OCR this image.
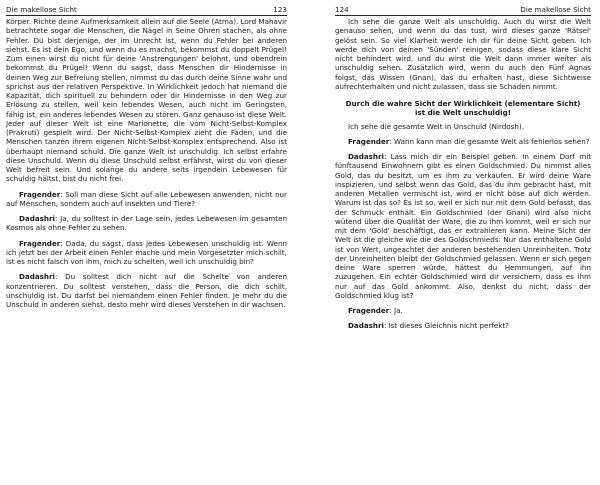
Die makellose Sicht	123

Körper. Richte deine Aufmerksamkeit allein auf die Seele (Atma). Lord Mahavir betrachtete sogar die Menschen, die Nägel in Seine Ohren stachen, als ohne Fehler. Du bist derjenige, der im Unrecht ist, wenn du Fehler bei anderen siehst. Es ist dein Ego, und wenn du es machst, bekommst du doppelt Prügel! Zum einen wirst du nicht für deine 'Anstrengungen' belohnt, und obendrein bekommst du Prügel! Wenn du sagst, dass Menschen dir Hindernisse in deinen Weg zur Befreiung stellen, nimmst du das durch deine Sinne wahr und sprichst aus der relativen Perspektive. In Wirklichkeit jedoch hat niemand die Kapazität, dich spirituell zu behindern oder dir Hindernisse in den Weg zur Erlösung zu stellen, weil kein lebendes Wesen, auch nicht im Geringsten, fähig ist, ein anderes lebendes Wesen zu stören. Ganz genauso ist diese Welt. Jeder auf dieser Welt ist eine Marionette, die vom Nicht-Selbst-Komplex (Prakruti) gespielt wird. Der Nicht-Selbst-Komplex zieht die Fäden, und die Menschen tanzen ihrem eigenen Nicht-Selbst-Komplex entsprechend. Also ist überhaupt niemand schuld. Die ganze Welt ist unschuldig. Ich selbst erfahre diese Unschuld. Wenn du diese Unschuld selbst erfährst, wirst du von dieser Welt befreit sein. Und solange du andere seits irgendein Lebewesen für schuldig hältst, bist du nicht frei.

Fragender: Soll man diese Sicht auf alle Lebewesen anwenden, nicht nur auf Menschen, sondern auch auf Insekten und Tiere?

Dadashri: Ja, du solltest in der Lage sein, jedes Lebewesen im gesamten Kosmos als ohne Fehler zu sehen.

Fragender: Dada, du sagst, dass jedes Lebewesen unschuldig ist. Wenn ich jetzt bei der Arbeit einen Fehler mache und mein Vorgesetzter mich schilt, ist es nicht falsch von ihm, mich zu schelten, weil ich unschuldig bin?

Dadashri: Du solltest dich nicht auf die Schelte von anderen konzentrieren. Du solltest verstehen, dass die Person, die dich schilt, unschuldig ist. Du darfst bei niemandem einen Fehler finden. Je mehr du die Unschuld in anderen siehst, desto mehr wird dieses Verstehen in dir wachsen.

124	Die makellose Sicht

Ich sehe die ganze Welt als unschuldig. Auch du wirst die Welt genauso sehen, und wenn du das tust, wird dieses ganze 'Rätsel' gelöst sein. So viel Klarheit werde ich dir für deine Sicht geben. Ich werde dich von deinen 'Sünden' reinigen, sodass diese klare Sicht nicht behindert wird, und du wirst die Welt dann immer weiter als unschuldig sehen. Zusätzlich wird, wenn du auch den Fünf Agnas folgst, das Wissen (Gnan), das du erhalten hast, diese Sichtweise aufrechterhalten und nicht zulassen, dass sie Schaden nimmt.

Durch die wahre Sicht der Wirklichkeit (elementare Sicht) ist die Welt unschuldig!

Ich sehe die gesamte Welt in Unschuld (Nirdosh).

Fragender: Wann kann man die gesamte Welt als fehlerlos sehen?

Dadashri: Lass mich dir ein Beispiel geben. In einem Dorf mit fünftausend Einwohnern gibt es einen Goldschmied. Du nimmst alles Gold, das du besitzt, um es ihm zu verkaufen. Er wird deine Ware inspizieren, und selbst wenn das Gold, das du ihm gebracht hast, mit anderen Metallen vermischt ist, wird er nicht böse auf dich werden. Warum ist das so? Es ist so, weil er sich nur mit dem Gold befasst, das der Schmuck enthält. Ein Goldschmied (der Gnani) wird also nicht wütend über die Qualität der Ware, die zu ihm kommt, weil er sich nur mit dem 'Gold' beschäftigt, das er extrahieren kann. Meine Sicht der Welt ist die gleiche wie die des Goldschmieds: Nur das enthaltene Gold ist von Wert, ungeachtet der anderen bestehenden Unreinheiten. Trotz der Unreinheiten bleibt der Goldschmied gelassen. Wenn er sich gegen deine Ware sperren würde, hättest du Hemmungen, auf ihn zuzugehen. Ein echter Goldschmied wird dir versichern, dass es ihm nur auf das Gold ankommt. Also, denkst du nicht, dass der Goldschmied klug ist?

Fragender: Ja.

Dadashri: Ist dieses Gleichnis nicht perfekt?
